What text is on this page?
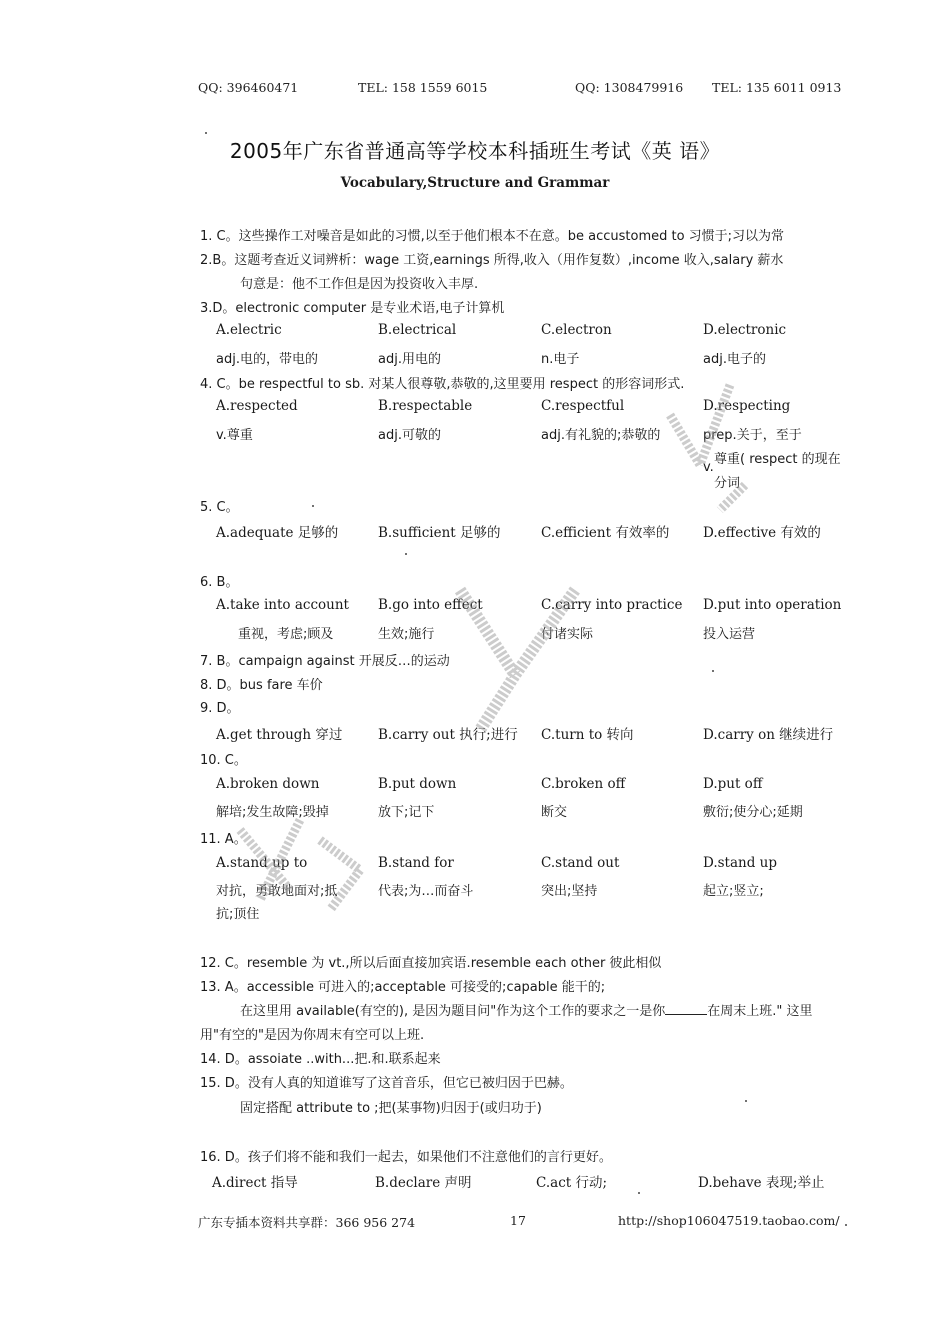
QQ: 396460471	TEL: 158 1559 6015	QQ: 1308479916 TEL: 135 6011 0913
2005年广东省普通高等学校本科插班生考试《英 语》
Vocabulary,Structure and Grammar
1. C。这些操作工对噪音是如此的习惯,以至于他们根本不在意。be accustomed to 习惯于;习以为常
2.B。这题考查近义词辨析：wage 工资,earnings 所得,收入（用作复数）,income 收入,salary 薪水
句意是：他不工作但是因为投资收入丰厚.
3.D。electronic computer 是专业术语,电子计算机
A.electric	B.electrical	C.electron	D.electronic
adj.电的，带电的	adj.用电的	n.电子	adj.电子的
4. C。be respectful to sb. 对某人很尊敬,恭敬的,这里要用 respect 的形容词形式.
A.respected	B.respectable	C.respectful	D.respecting
v.尊重	adj.可敬的	adj.有礼貌的;恭敬的	prep.关于，至于
尊重( respect 的现在
v.
分词
5. C。
A.adequate 足够的	B.sufficient 足够的	C.efficient 有效率的 D.effective 有效的
6. B。
A.take into account B.go into effect	C.carry into practice D.put into operation
重视，考虑;顾及	生效;施行	付诸实际	投入运营
7. B。campaign against 开展反…的运动
8. D。bus fare 车价
9. D。
A.get through 穿过	B.carry out 执行;进行 C.turn to 转向	D.carry on 继续进行
10. C。
A.broken down	B.put down	C.broken off	D.put off
解培;发生故障;毁掉	放下;记下	断交	敷衍;使分心;延期
11. A。
A.stand up to	B.stand for	C.stand out	D.stand up
对抗，勇敢地面对;抵	代表;为…而奋斗	突出;坚持	起立;竖立;
抗;顶住
12. C。resemble 为 vt.,所以后面直接加宾语.resemble each other 彼此相似
13. A。accessible 可进入的;acceptable 可接受的;capable 能干的;
在这里用 available(有空的), 是因为题目问"作为这个工作的要求之一是你	在周末上班." 这里
用"有空的"是因为你周末有空可以上班.
14. D。assoiate ..with...把.和.联系起来
15. D。没有人真的知道谁写了这首音乐，但它已被归因于巴赫。
固定搭配 attribute to ;把(某事物)归因于(或归功于)
16. D。孩子们将不能和我们一起去，如果他们不注意他们的言行更好。
A.direct 指导	B.declare 声明	C.act 行动;	D.behave 表现;举止
广东专插本资料共享群：366 956 274	17	http://shop106047519.taobao.com/
